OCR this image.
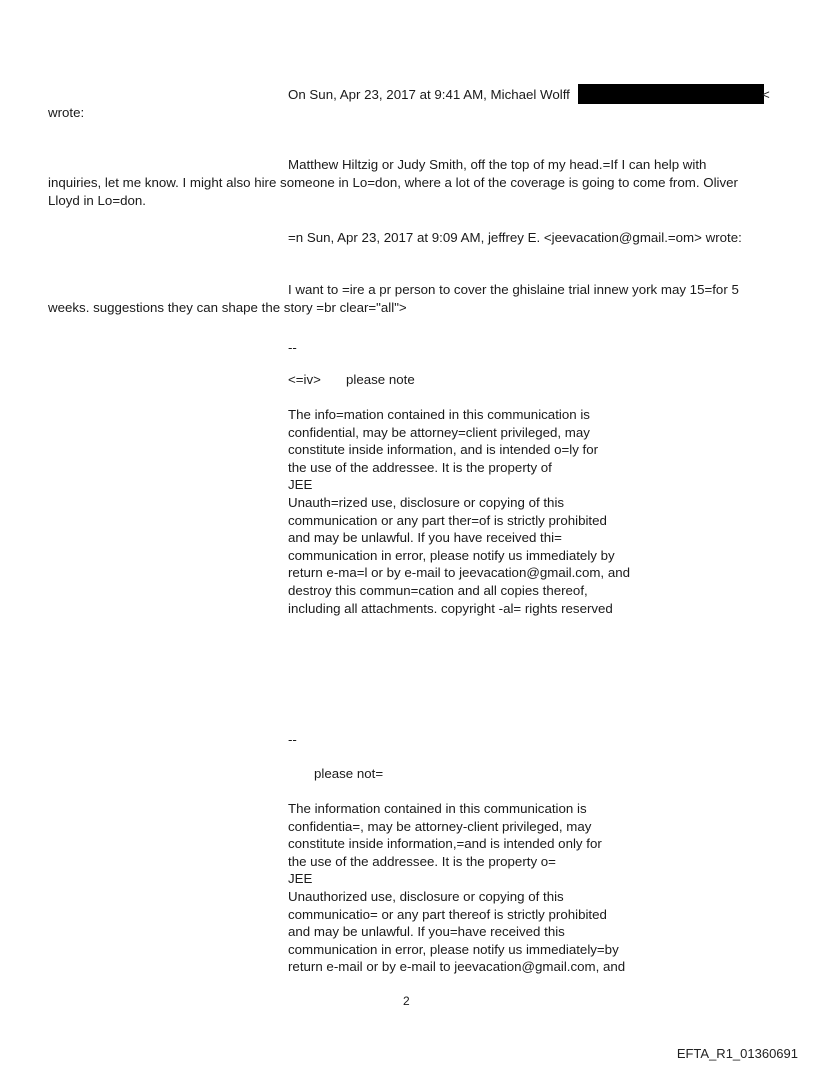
On Sun, Apr 23, 2017 at 9:41 AM, Michael Wolff	<
wrote:
Matthew Hiltzig or Judy Smith, off the top of my head.=If I can help with
inquiries, let me know. I might also hire someone in Lo=don, where a lot of the coverage is going to come from. Oliver
Lloyd in Lo=don.
=n Sun, Apr 23, 2017 at 9:09 AM, jeffrey E. <jeevacation@gmail.=om> wrote:
I want to =ire a pr person to cover the ghislaine trial innew york may 15=for 5
weeks. suggestions they can shape the story =br clear="all">
--
<=iv> please note
The info=mation contained in this communication is
confidential, may be attorney=client privileged, may
constitute inside information, and is intended o=ly for
the use of the addressee. It is the property of
JEE
Unauth=rized use, disclosure or copying of this
communication or any part ther=of is strictly prohibited
and may be unlawful. If you have received thi=
communication in error, please notify us immediately by
return e-ma=l or by e-mail to jeevacation@gmail.com, and
destroy this commun=cation and all copies thereof,
including all attachments. copyright -al= rights reserved
--
please not=
The information contained in this communication is
confidentia=, may be attorney-client privileged, may
constitute inside information,=and is intended only for
the use of the addressee. It is the property o=
JEE
Unauthorized use, disclosure or copying of this
communicatio= or any part thereof is strictly prohibited
and may be unlawful. If you=have received this
communication in error, please notify us immediately=by
return e-mail or by e-mail to jeevacation@gmail.com, and
2
EFTA_R1_01360691
